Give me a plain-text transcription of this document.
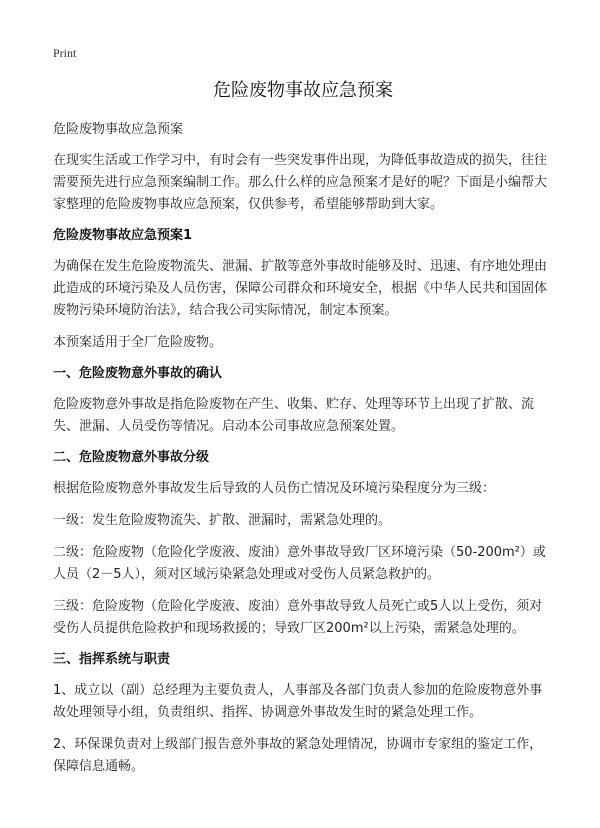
Print
危险废物事故应急预案
危险废物事故应急预案

在现实生活或工作学习中，有时会有一些突发事件出现，为降低事故造成的损失，往往需要预先进行应急预案编制工作。那么什么样的应急预案才是好的呢？下面是小编帮大家整理的危险废物事故应急预案，仅供参考，希望能够帮助到大家。

危险废物事故应急预案1

为确保在发生危险废物流失、泄漏、扩散等意外事故时能够及时、迅速、有序地处理由此造成的环境污染及人员伤害，保障公司群众和环境安全，根据《中华人民共和国固体废物污染环境防治法》，结合我公司实际情况，制定本预案。

本预案适用于全厂危险废物。

一、危险废物意外事故的确认

危险废物意外事故是指危险废物在产生、收集、贮存、处理等环节上出现了扩散、流失、泄漏、人员受伤等情况。启动本公司事故应急预案处置。

二、危险废物意外事故分级

根据危险废物意外事故发生后导致的人员伤亡情况及环境污染程度分为三级：

一级：发生危险废物流失、扩散、泄漏时，需紧急处理的。

二级：危险废物（危险化学废液、废油）意外事故导致厂区环境污染（50-200m²）或人员（2－5人），须对区域污染紧急处理或对受伤人员紧急救护的。

三级：危险废物（危险化学废液、废油）意外事故导致人员死亡或5人以上受伤，须对受伤人员提供危险救护和现场救援的；导致厂区200m²以上污染，需紧急处理的。

三、指挥系统与职责

1、成立以（副）总经理为主要负责人，人事部及各部门负责人参加的危险废物意外事故处理领导小组，负责组织、指挥、协调意外事故发生时的紧急处理工作。

2、环保课负责对上级部门报告意外事故的紧急处理情况，协调市专家组的鉴定工作，保障信息通畅。
